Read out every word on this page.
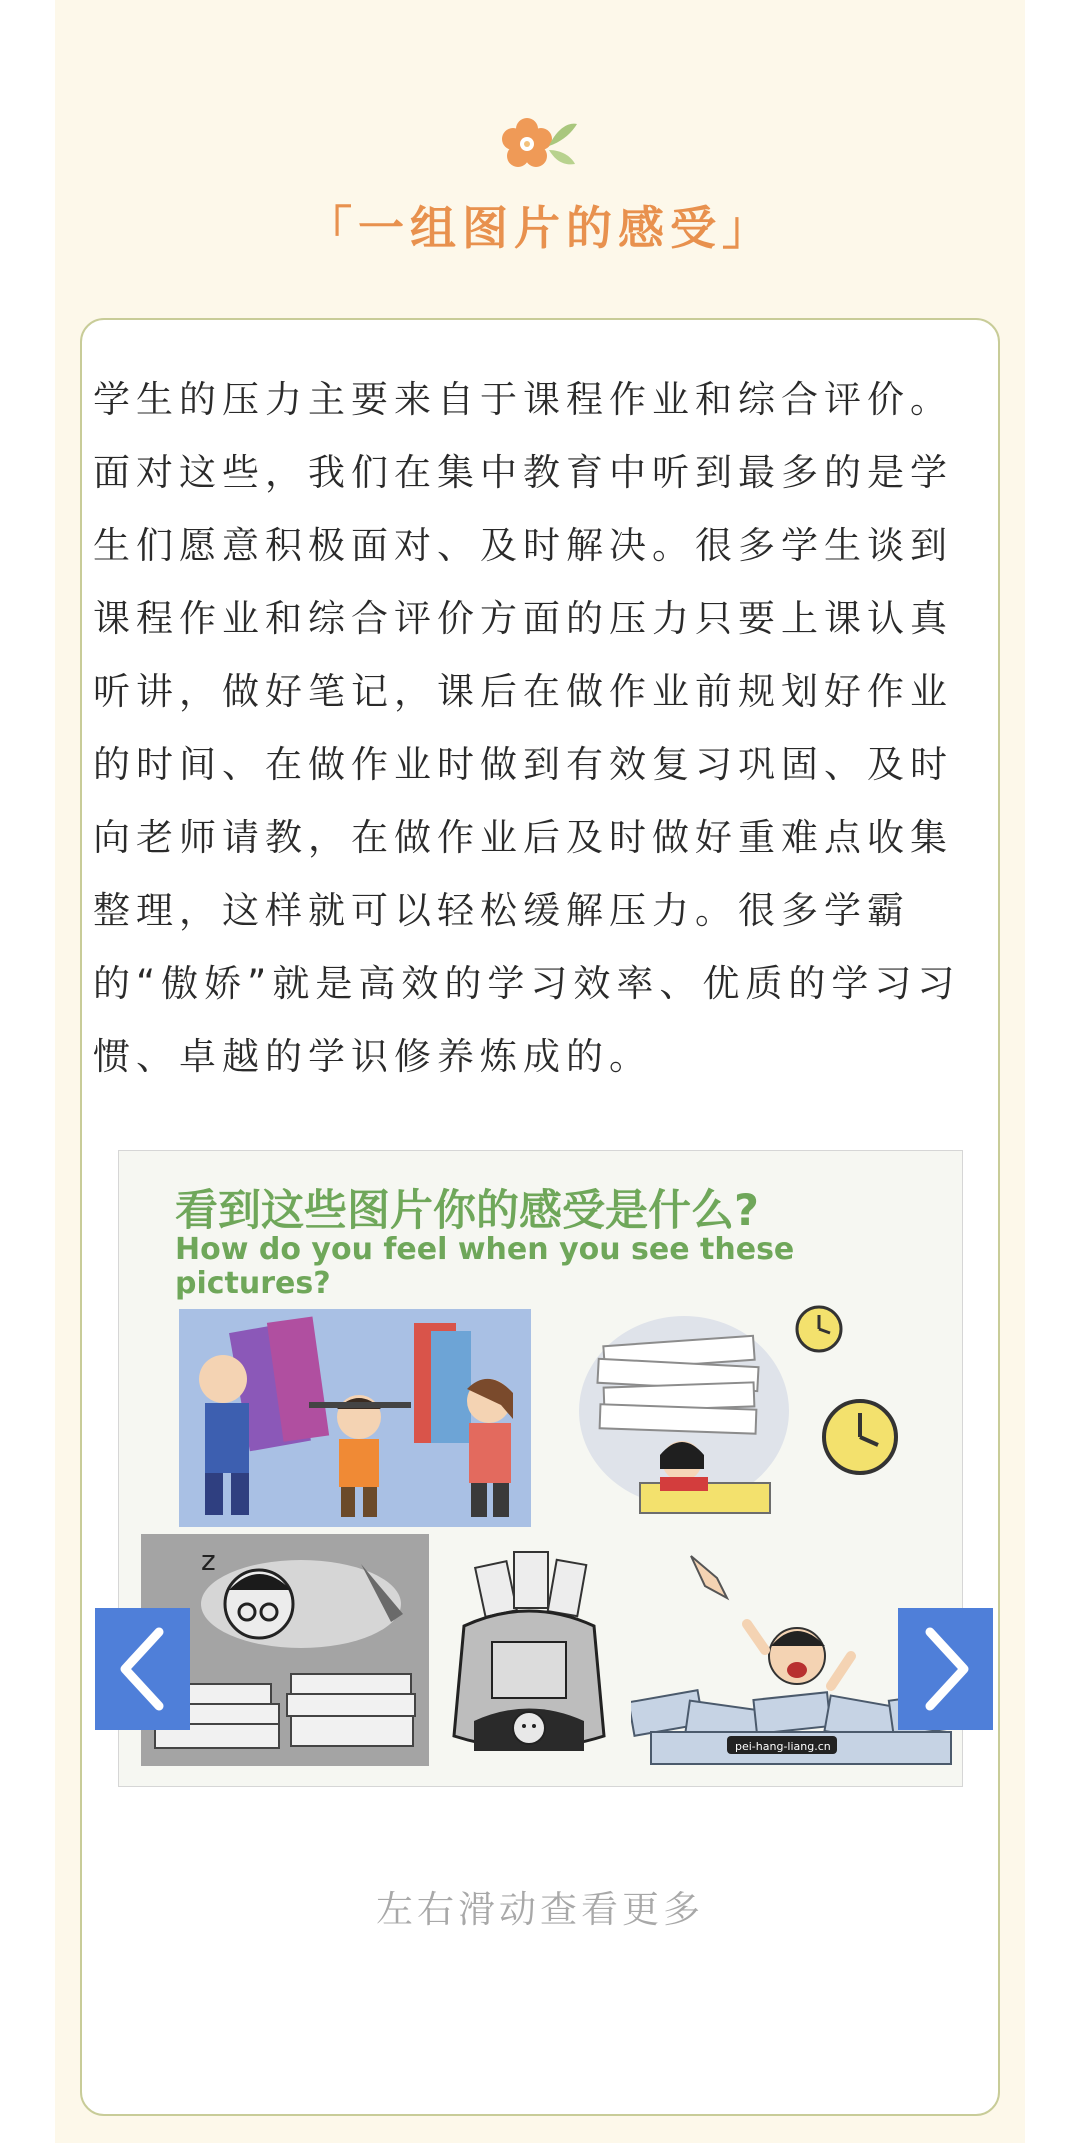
「一组图片的感受」

学生的压力主要来自于课程作业和综合评价。面对这些，我们在集中教育中听到最多的是学生们愿意积极面对、及时解决。很多学生谈到课程作业和综合评价方面的压力只要上课认真听讲，做好笔记，课后在做作业前规划好作业的时间、在做作业时做到有效复习巩固、及时向老师请教，在做作业后及时做好重难点收集整理，这样就可以轻松缓解压力。很多学霸的“傲娇”就是高效的学习效率、优质的学习习惯、卓越的学识修养炼成的。

看到这些图片你的感受是什么?
How do you feel when you see these pictures?
z
pei-hang-liang.cn
左右滑动查看更多
